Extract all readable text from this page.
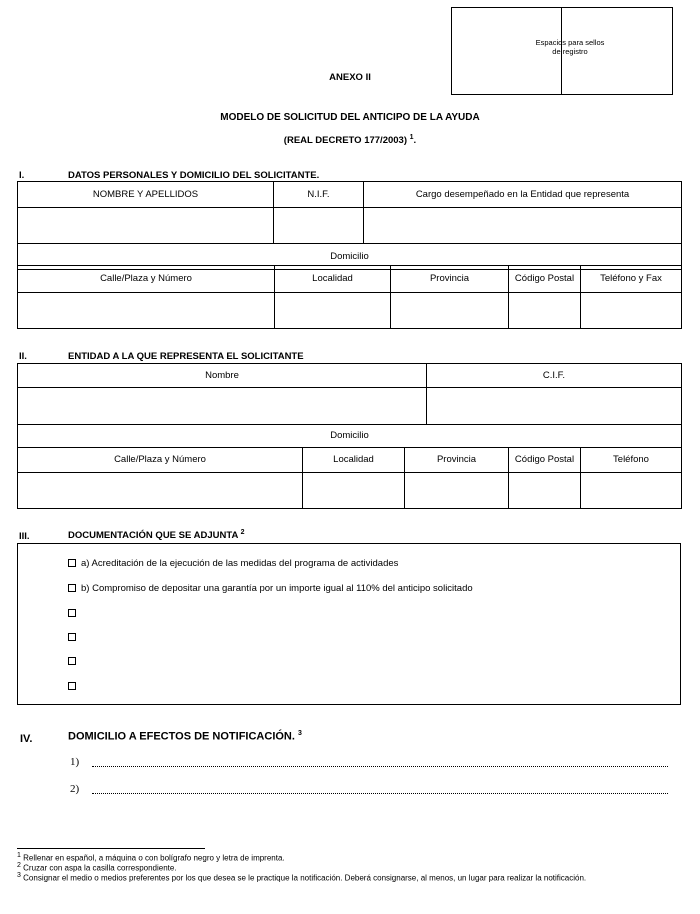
Espacios para sellos
de registro
ANEXO II
MODELO DE SOLICITUD DEL ANTICIPO DE LA AYUDA
(REAL DECRETO 177/2003) $^1$.
I.	DATOS PERSONALES Y DOMICILIO DEL SOLICITANTE.
NOMBRE Y APELLIDOS	N.I.F.	Cargo desempeñado en la Entidad que representa

Domicilio		
Calle/Plaza y Número	Localidad	Provincia	Código Postal	Teléfono y Fax

II.	ENTIDAD A LA QUE REPRESENTA EL SOLICITANTE
Nombre	C.I.F.

Domicilio	
Calle/Plaza y Número	Localidad	Provincia	Código Postal	Teléfono

III.	DOCUMENTACIÓN QUE SE ADJUNTA $^2$
a) Acreditación de la ejecución de las medidas del programa de actividades
b) Compromiso de depositar una garantía por un importe igual al 110% del anticipo solicitado
IV.	DOMICILIO A EFECTOS DE NOTIFICACIÓN. $^3$
1)
2)
$^1$ Rellenar en español, a máquina o con bolígrafo negro y letra de imprenta.
$^2$ Cruzar con aspa la casilla correspondiente.
$^3$ Consignar el medio o medios preferentes por los que desea se le practique la notificación. Deberá consignarse, al menos, un lugar para realizar la notificación.
